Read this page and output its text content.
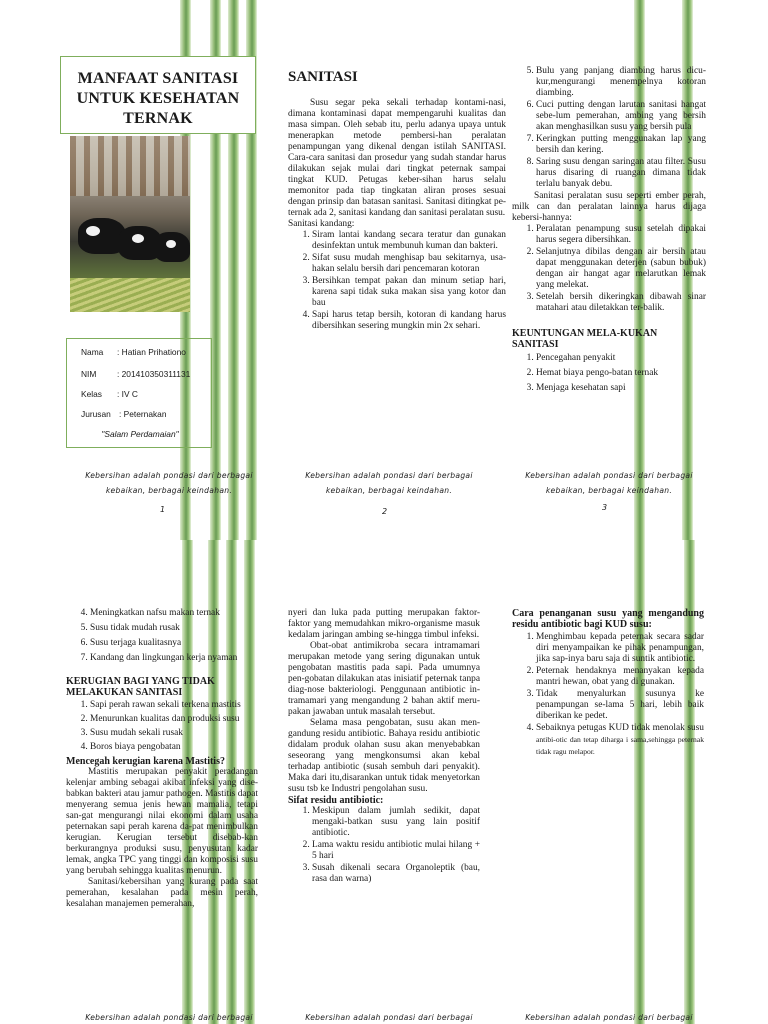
MANFAAT SANITASI UNTUK KESEHATAN TERNAK
Nama : Hatian Prihationo
NIM : 201410350311131
Kelas : IV C
Jurusan : Peternakan
"Salam Perdamaian"
SANITASI

Susu segar peka sekali terhadap kontami-nasi, dimana kontaminasi dapat mempengaruhi kualitas dan masa simpan. Oleh sebab itu, perlu adanya upaya untuk menerapkan metode pembersi-han peralatan penampungan yang dikenal dengan istilah SANITASI. Cara-cara sanitasi dan prosedur yang sudah standar harus dilakukan sejak mulai dari tingkat peternak sampai tingkat KUD. Petugas keber-sihan harus selalu memonitor pada tiap tingkatan aliran proses sesuai dengan prinsip dan batasan sanitasi. Sanitasi ditingkat pe-ternak ada 2, sanitasi kandang dan sanitasi peralatan susu.

Sanitasi kandang:
1. Siram lantai kandang secara teratur dan gunakan desinfektan untuk membunuh kuman dan bakteri.
2. Sifat susu mudah menghisap bau sekitarnya, usa-hakan selalu bersih dari pencemaran kotoran
3. Bersihkan tempat pakan dan minum setiap hari, karena sapi tidak suka makan sisa yang kotor dan bau
4. Sapi harus tetap bersih, kotoran di kandang harus dibersihkan sesering mungkin min 2x sehari.
5. Bulu yang panjang diambing harus dicu-kur,mengurangi menempelnya kotoran diambing.
6. Cuci putting dengan larutan sanitasi hangat sebe-lum pemerahan, ambing yang bersih akan menghasilkan susu yang bersih pula
7. Keringkan putting menggunakan lap yang bersih dan kering.
8. Saring susu dengan saringan atau filter. Susu harus disaring di ruangan dimana tidak terlalu banyak debu.

Sanitasi peralatan susu seperti ember perah, milk can dan peralatan lainnya harus dijaga kebersi-hannya:

1. Peralatan penampung susu setelah dipakai harus segera dibersihkan.
2. Selanjutnya dibilas dengan air bersih atau dapat menggunakan deterjen (sabun bubuk) dengan air hangat agar melarutkan lemak yang melekat.
3. Setelah bersih dikeringkan dibawah sinar matahari atau diletakkan ter-balik.
KEUNTUNGAN MELA-KUKAN SANITASI
1. Pencegahan penyakit
2. Hemat biaya pengo-batan ternak
3. Menjaga kesehatan sapi
Kebersihan adalah pondasi dari berbagai
kebaikan, berbagai keindahan.
1
Kebersihan adalah pondasi dari berbagai
kebaikan, berbagai keindahan.
2
Kebersihan adalah pondasi dari berbagai
kebaikan, berbagai keindahan.
3
4. Meningkatkan nafsu makan ternak
5. Susu tidak mudah rusak
6. Susu terjaga kualitasnya
7. Kandang dan lingkungan kerja nyaman
KERUGIAN BAGI YANG TIDAK MELAKUKAN SANITASI
1. Sapi perah rawan sekali terkena mastitis
2. Menurunkan kualitas dan produksi susu
3. Susu mudah sekali rusak
4. Boros biaya pengobatan
Mencegah kerugian karena Mastitis?

Mastitis merupakan penyakit peradangan kelenjar ambing sebagai akibat infeksi yang dise-babkan bakteri atau jamur pathogen. Mastitis dapat menyerang semua jenis hewan mamalia, tetapi san-gat mengurangi nilai ekonomi dalam usaha peternakan sapi perah karena da-pat menimbulkan kerugian. Kerugian tersebut disebab-kan berkurangnya produksi susu, penyusutan kadar lemak, angka TPC yang tinggi dan komposisi susu yang berubah sehingga kualitas menurun.

Sanitasi/kebersihan yang kurang pada saat pemerahan, kesalahan pada mesin perah, kesalahan manajemen pemerahan,

nyeri dan luka pada putting merupakan faktor-faktor yang memudahkan mikro-organisme masuk kedalam jaringan ambing se-hingga timbul infeksi.

Obat-obat antimikroba secara intramamari merupakan metode yang sering digunakan untuk pengobatan mastitis pada sapi. Pada umumnya pen-gobatan dilakukan atas inisiatif peternak tanpa diag-nose bakteriologi. Penggunaan antibiotic in-tramamari yang mengandung 2 bahan aktif meru-pakan jawaban untuk masalah tersebut.

Selama masa pengobatan, susu akan men-gandung residu antibiotic. Bahaya residu antibiotic didalam produk olahan susu akan menyebabkan seseorang yang mengkonsumsi akan kebal terhadap antibiotic (susah sembuh dari penyakit). Maka dari itu,disarankan untuk tidak menyetorkan susu tsb ke Industri pengolahan susu.

Sifat residu antibiotic:
1. Meskipun dalam jumlah sedikit, dapat mengaki-batkan susu yang lain positif antibiotic.
2. Lama waktu residu antibiotic mulai hilang + 5 hari
3. Susah dikenali secara Organoleptik (bau, rasa dan warna)

Cara penanganan susu yang mengandung residu antibiotic bagi KUD susu:

1. Menghimbau kepada peternak secara sadar diri menyampaikan ke pihak penampungan, jika sap-inya baru saja di suntik antibiotic.
2. Peternak hendaknya menanyakan kepada mantri hewan, obat yang di gunakan.
3. Tidak menyalurkan susunya ke penampungan se-lama 5 hari, lebih baik diberikan ke pedet.
4. Sebaiknya petugas KUD tidak menolak susu antibi-otic dan tetap diharga i sama,sehingga peternak tidak ragu melapor.
Kebersihan adalah pondasi dari berbagai	Kebersihan adalah pondasi dari berbagai	Kebersihan adalah pondasi dari berbagai
